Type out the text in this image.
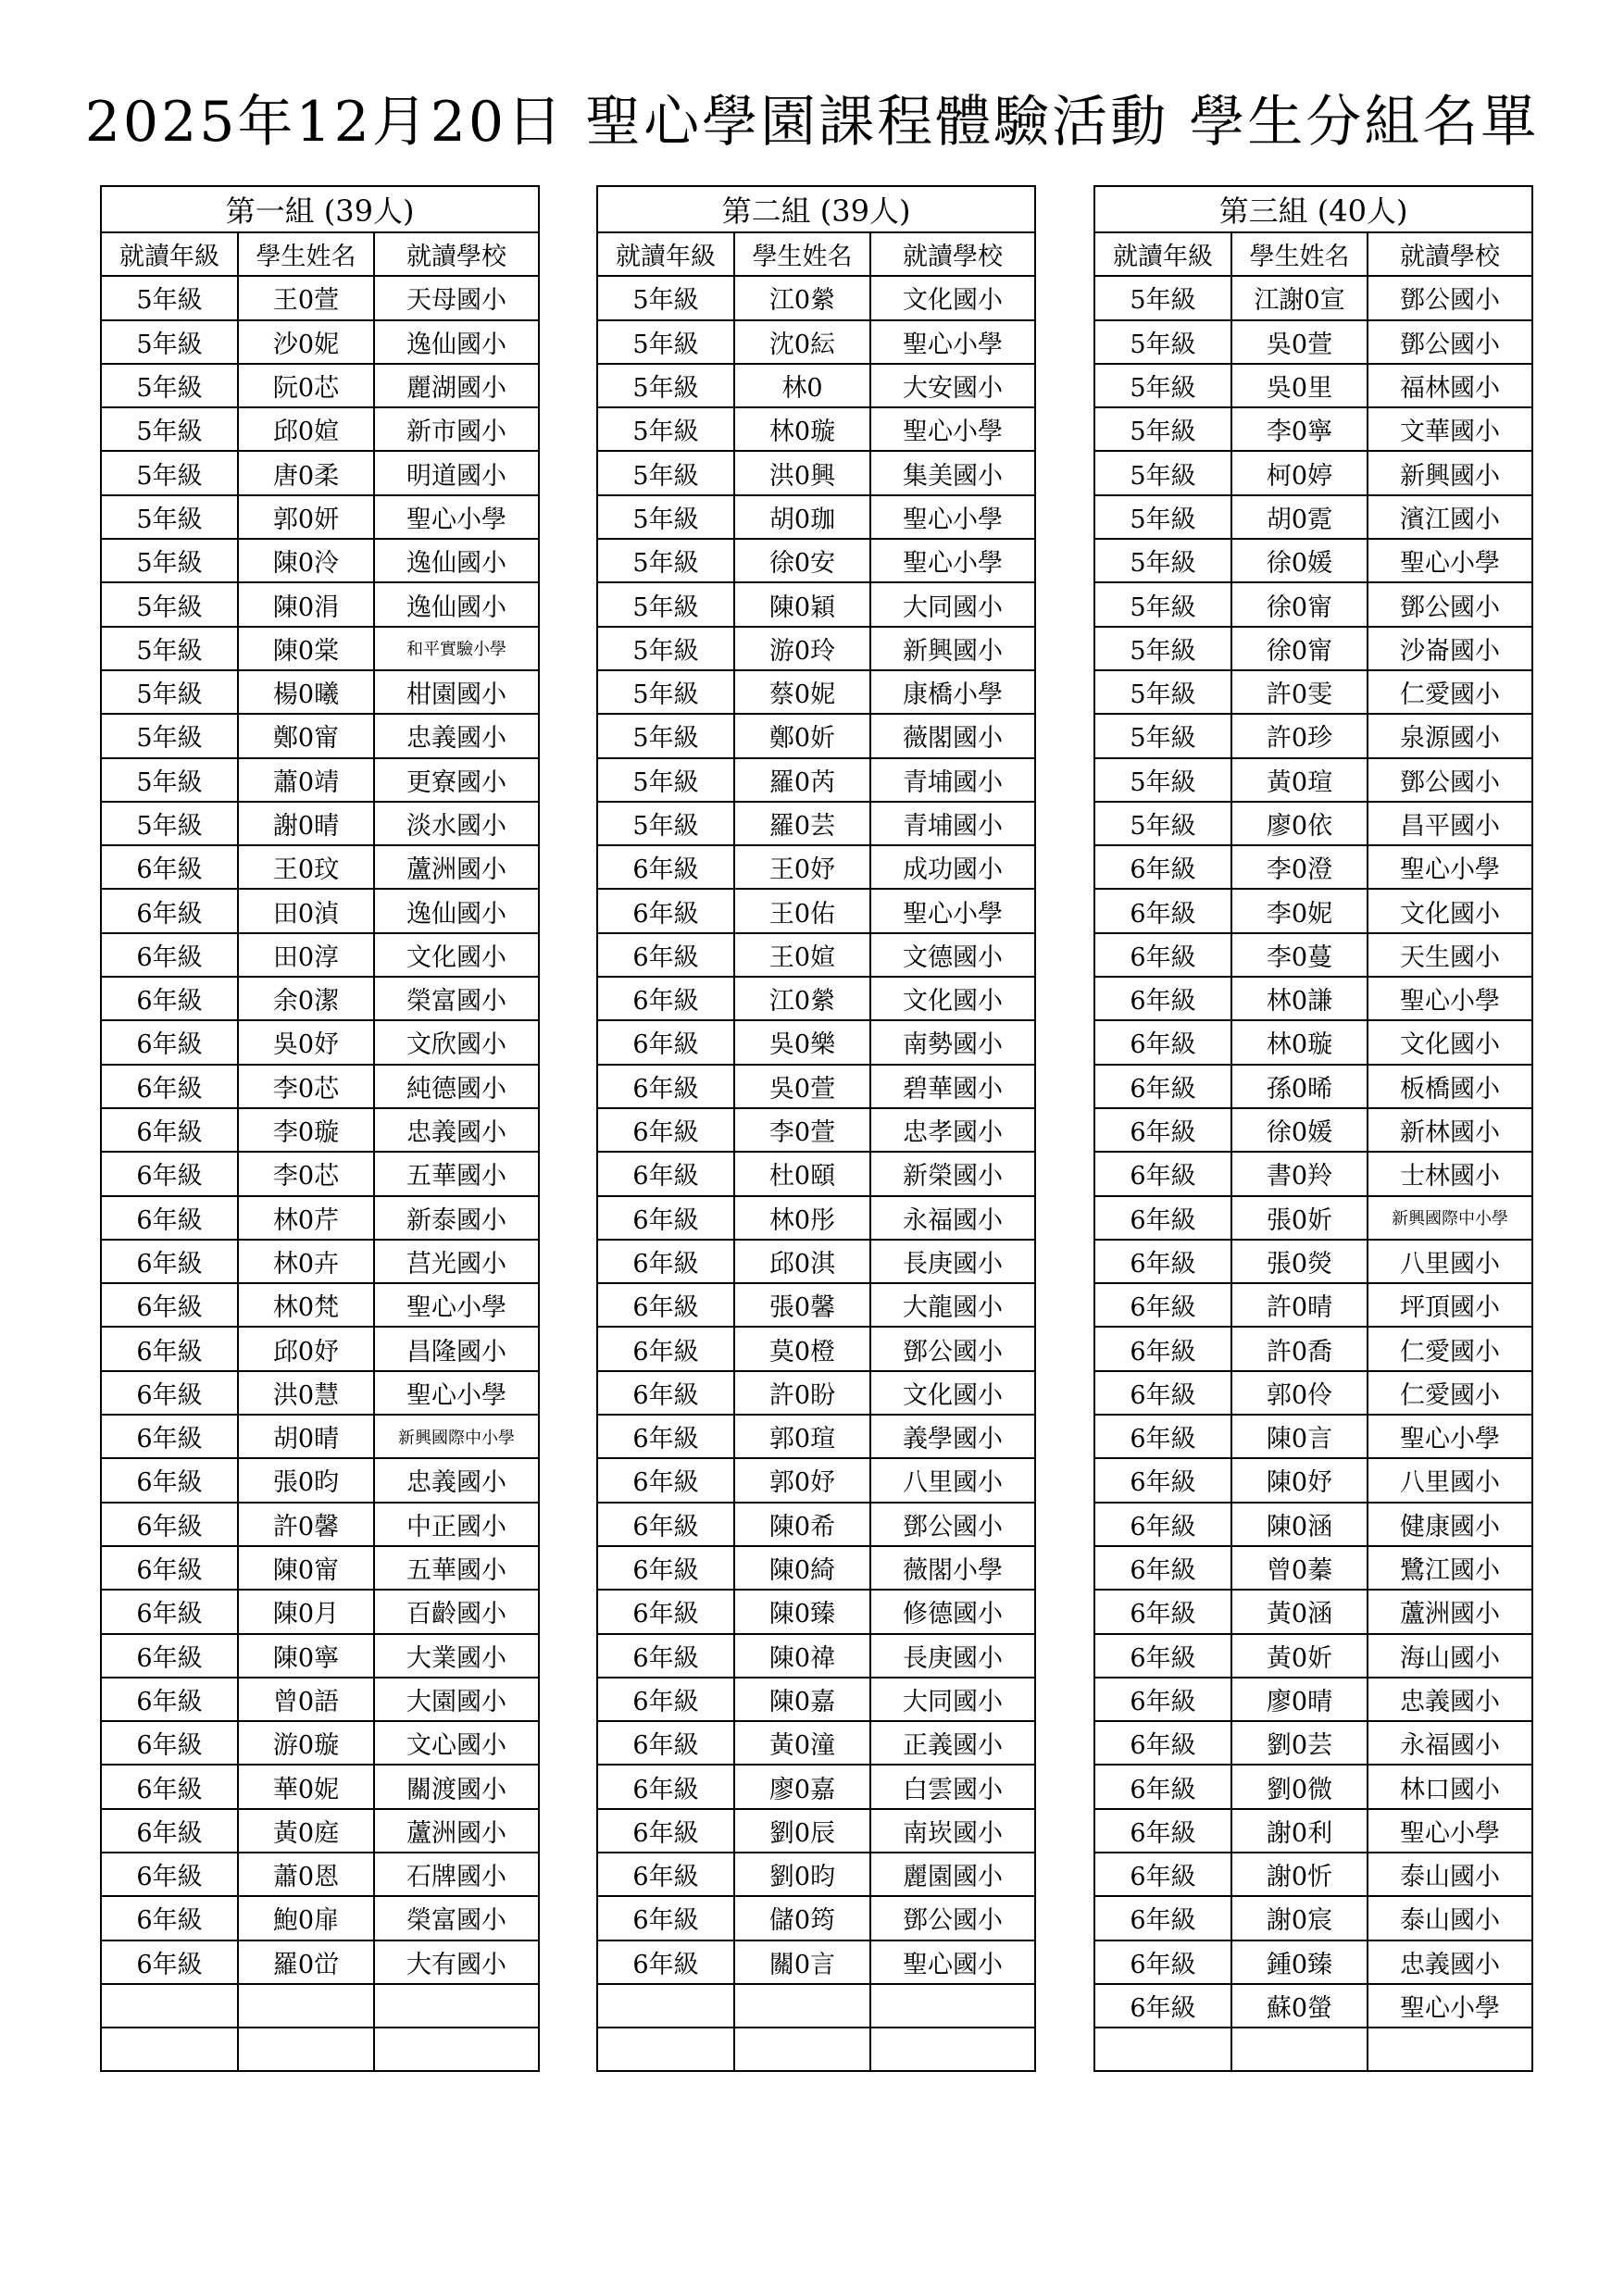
2025年12月20日 聖心學園課程體驗活動 學生分組名單
第一組 (39人)		
就讀年級	學生姓名	就讀學校
5年級	王0萱	天母國小
5年級	沙0妮	逸仙國小
5年級	阮0芯	麗湖國小
5年級	邱0媗	新市國小
5年級	唐0柔	明道國小
5年級	郭0妍	聖心小學
5年級	陳0泠	逸仙國小
5年級	陳0涓	逸仙國小
5年級	陳0棠	和平實驗小學
5年級	楊0曦	柑園國小
5年級	鄭0甯	忠義國小
5年級	蕭0靖	更寮國小
5年級	謝0晴	淡水國小
6年級	王0玟	蘆洲國小
6年級	田0湞	逸仙國小
6年級	田0淳	文化國小
6年級	余0潔	榮富國小
6年級	吳0妤	文欣國小
6年級	李0芯	純德國小
6年級	李0璇	忠義國小
6年級	李0芯	五華國小
6年級	林0芹	新泰國小
6年級	林0卉	莒光國小
6年級	林0梵	聖心小學
6年級	邱0妤	昌隆國小
6年級	洪0慧	聖心小學
6年級	胡0晴	新興國際中小學
6年級	張0昀	忠義國小
6年級	許0馨	中正國小
6年級	陳0甯	五華國小
6年級	陳0月	百齡國小
6年級	陳0寧	大業國小
6年級	曾0語	大園國小
6年級	游0璇	文心國小
6年級	華0妮	關渡國小
6年級	黃0庭	蘆洲國小
6年級	蕭0恩	石牌國小
6年級	鮑0扉	榮富國小
6年級	羅0峃	大有國小

第二組 (39人)		
就讀年級	學生姓名	就讀學校
5年級	江0縈	文化國小
5年級	沈0紜	聖心小學
5年級	林0	大安國小
5年級	林0璇	聖心小學
5年級	洪0興	集美國小
5年級	胡0珈	聖心小學
5年級	徐0安	聖心小學
5年級	陳0穎	大同國小
5年級	游0玲	新興國小
5年級	蔡0妮	康橋小學
5年級	鄭0妡	薇閣國小
5年級	羅0芮	青埔國小
5年級	羅0芸	青埔國小
6年級	王0妤	成功國小
6年級	王0佑	聖心小學
6年級	王0媗	文德國小
6年級	江0縈	文化國小
6年級	吳0樂	南勢國小
6年級	吳0萱	碧華國小
6年級	李0萱	忠孝國小
6年級	杜0頤	新榮國小
6年級	林0彤	永福國小
6年級	邱0淇	長庚國小
6年級	張0馨	大龍國小
6年級	莫0橙	鄧公國小
6年級	許0盼	文化國小
6年級	郭0瑄	義學國小
6年級	郭0妤	八里國小
6年級	陳0希	鄧公國小
6年級	陳0綺	薇閣小學
6年級	陳0臻	修德國小
6年級	陳0禕	長庚國小
6年級	陳0嘉	大同國小
6年級	黃0潼	正義國小
6年級	廖0嘉	白雲國小
6年級	劉0辰	南崁國小
6年級	劉0昀	麗園國小
6年級	儲0筠	鄧公國小
6年級	關0言	聖心國小

第三組 (40人)		
就讀年級	學生姓名	就讀學校
5年級	江謝0宣	鄧公國小
5年級	吳0萱	鄧公國小
5年級	吳0里	福林國小
5年級	李0寧	文華國小
5年級	柯0婷	新興國小
5年級	胡0霓	濱江國小
5年級	徐0媛	聖心小學
5年級	徐0甯	鄧公國小
5年級	徐0甯	沙崙國小
5年級	許0雯	仁愛國小
5年級	許0珍	泉源國小
5年級	黃0瑄	鄧公國小
5年級	廖0依	昌平國小
6年級	李0澄	聖心小學
6年級	李0妮	文化國小
6年級	李0蔓	天生國小
6年級	林0謙	聖心小學
6年級	林0璇	文化國小
6年級	孫0晞	板橋國小
6年級	徐0媛	新林國小
6年級	書0羚	士林國小
6年級	張0妡	新興國際中小學
6年級	張0熒	八里國小
6年級	許0晴	坪頂國小
6年級	許0喬	仁愛國小
6年級	郭0伶	仁愛國小
6年級	陳0言	聖心小學
6年級	陳0妤	八里國小
6年級	陳0涵	健康國小
6年級	曾0蓁	鷺江國小
6年級	黃0涵	蘆洲國小
6年級	黃0妡	海山國小
6年級	廖0晴	忠義國小
6年級	劉0芸	永福國小
6年級	劉0微	林口國小
6年級	謝0利	聖心小學
6年級	謝0忻	泰山國小
6年級	謝0宸	泰山國小
6年級	鍾0臻	忠義國小
6年級	蘇0螢	聖心小學
